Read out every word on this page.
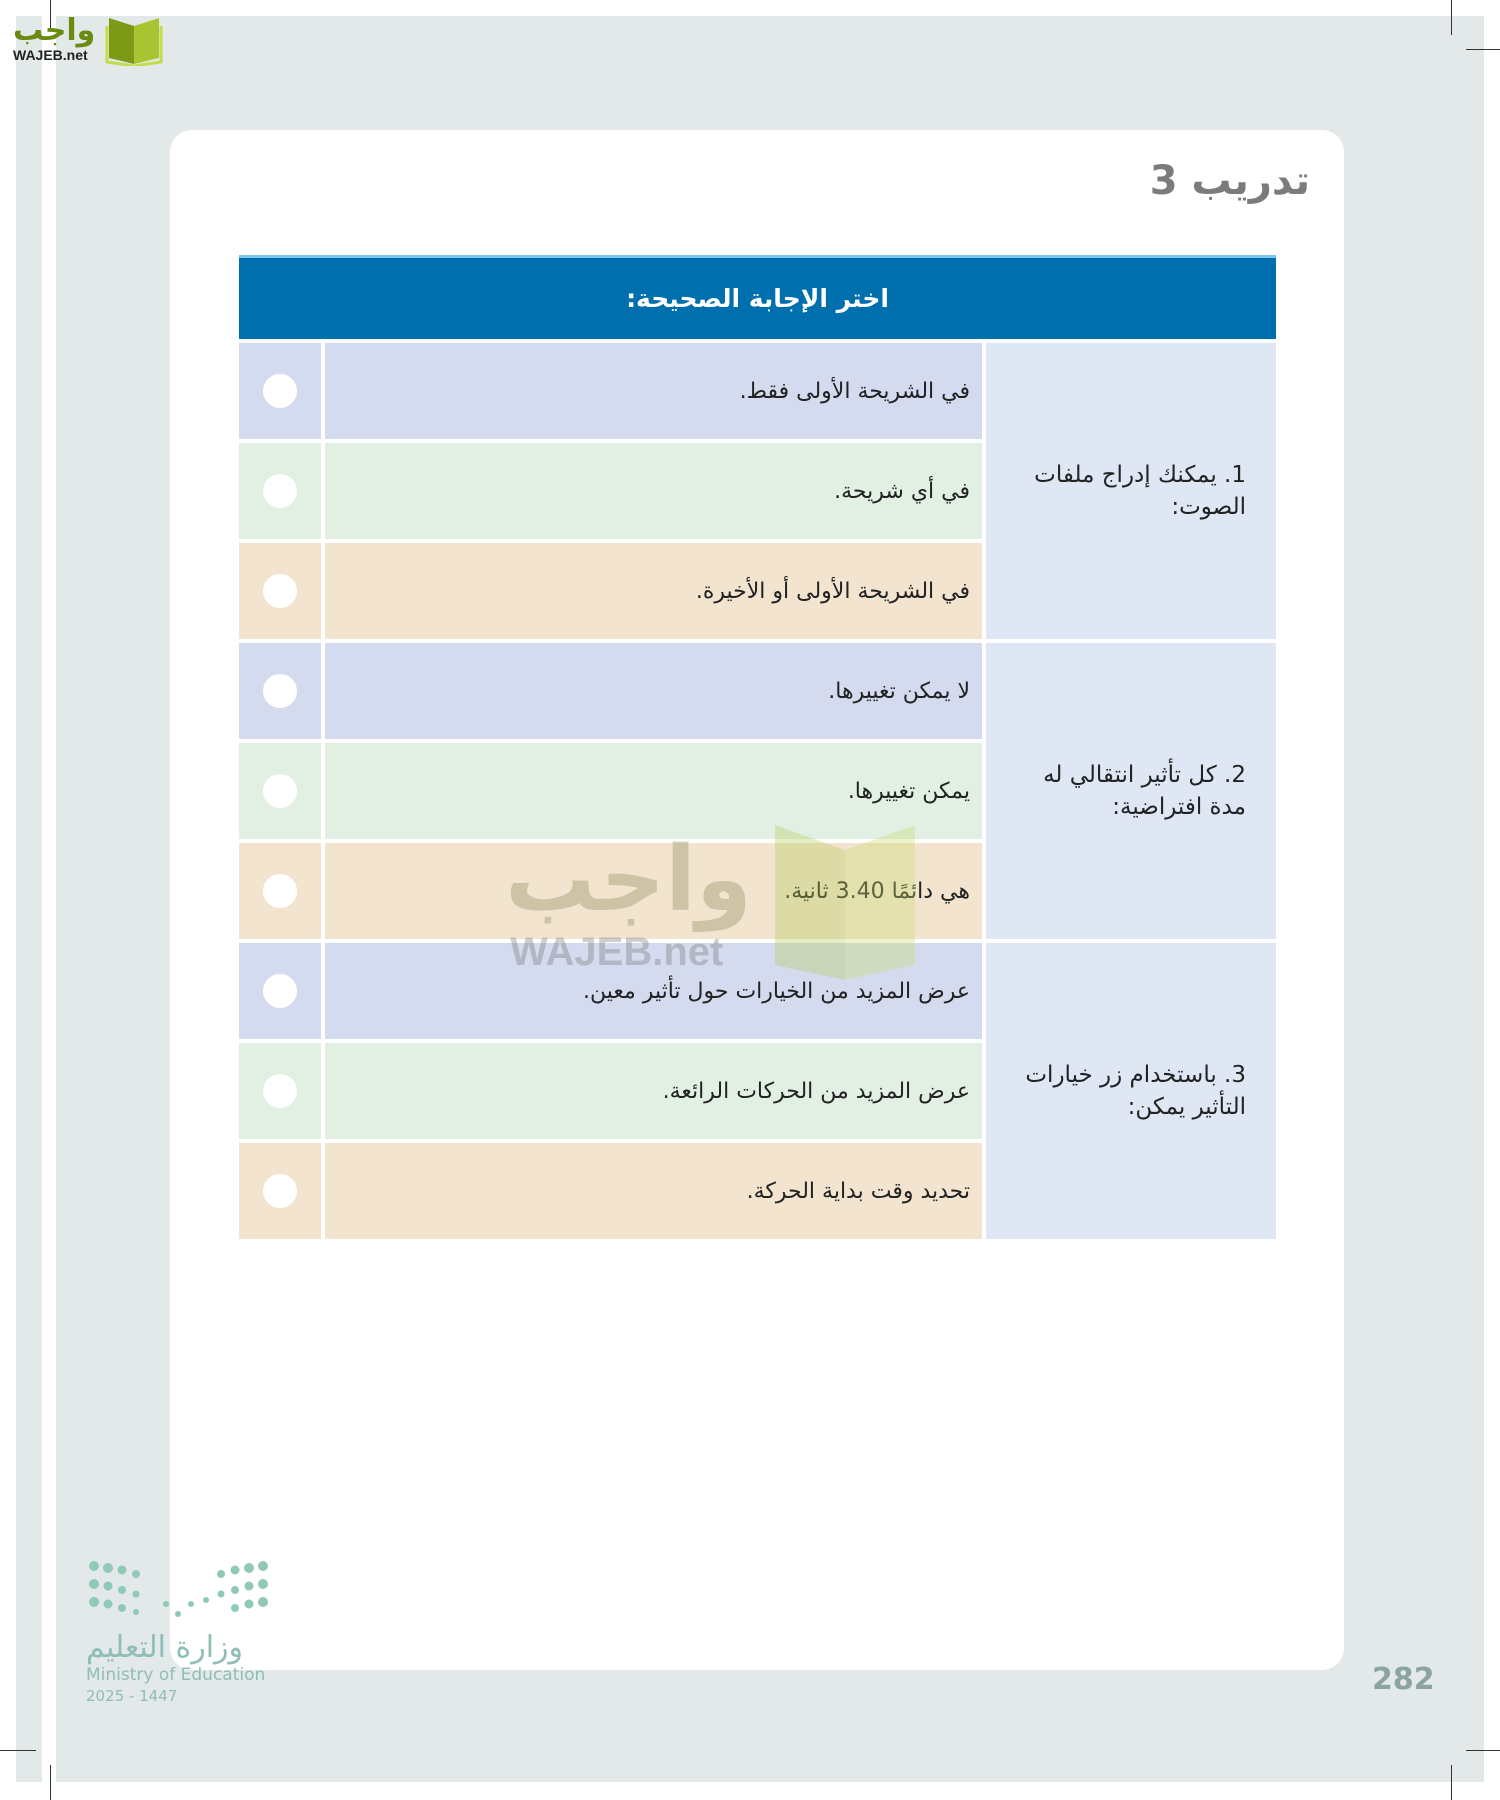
واجب
WAJEB.net
تدريب 3
اختر الإجابة الصحيحة:
1. يمكنك إدراج ملفات الصوت:
في الشريحة الأولى فقط.
في أي شريحة.
في الشريحة الأولى أو الأخيرة.
2. كل تأثير انتقالي له مدة افتراضية:
لا يمكن تغييرها.
يمكن تغييرها.
هي دائمًا 3.40 ثانية.
3. باستخدام زر خيارات التأثير يمكن:
عرض المزيد من الخيارات حول تأثير معين.
عرض المزيد من الحركات الرائعة.
تحديد وقت بداية الحركة.
واجب
WAJEB.net
وزارة التعليم
Ministry of Education
2025 - 1447	282
